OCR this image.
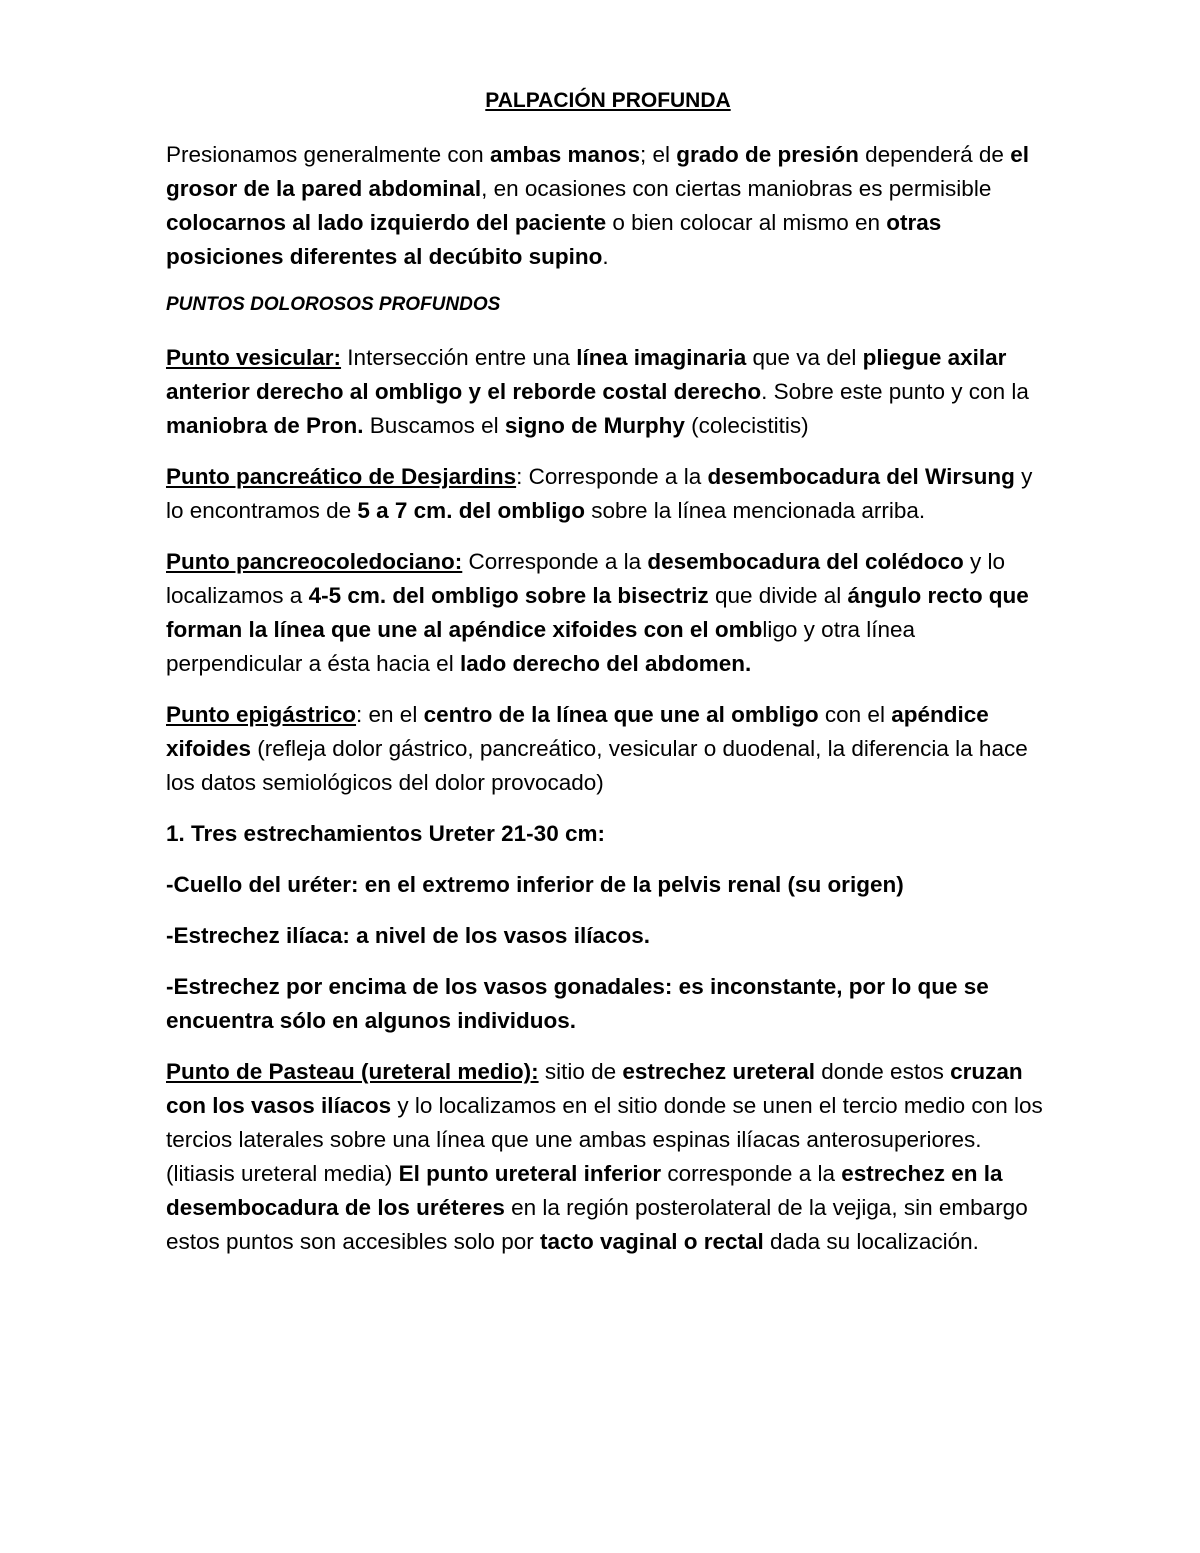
PALPACIÓN PROFUNDA

Presionamos generalmente con ambas manos; el grado de presión dependerá de el grosor de la pared abdominal, en ocasiones con ciertas maniobras es permisible colocarnos al lado izquierdo del paciente o bien colocar al mismo en otras posiciones diferentes al decúbito supino.

PUNTOS DOLOROSOS PROFUNDOS

Punto vesicular: Intersección entre una línea imaginaria que va del pliegue axilar anterior derecho al ombligo y el reborde costal derecho. Sobre este punto y con la maniobra de Pron. Buscamos el signo de Murphy (colecistitis)

Punto pancreático de Desjardins: Corresponde a la desembocadura del Wirsung y lo encontramos de 5 a 7 cm. del ombligo sobre la línea mencionada arriba.

Punto pancreocoledociano: Corresponde a la desembocadura del colédoco y lo localizamos a 4-5 cm. del ombligo sobre la bisectriz que divide al ángulo recto que forman la línea que une al apéndice xifoides con el ombligo y otra línea perpendicular a ésta hacia el lado derecho del abdomen.

Punto epigástrico: en el centro de la línea que une al ombligo con el apéndice xifoides (refleja dolor gástrico, pancreático, vesicular o duodenal, la diferencia la hace los datos semiológicos del dolor provocado)

1. Tres estrechamientos Ureter 21-30 cm:

-Cuello del uréter: en el extremo inferior de la pelvis renal (su origen)

-Estrechez ilíaca: a nivel de los vasos ilíacos.

-Estrechez por encima de los vasos gonadales: es inconstante, por lo que se encuentra sólo en algunos individuos.

Punto de Pasteau (ureteral medio): sitio de estrechez ureteral donde estos cruzan con los vasos ilíacos y lo localizamos en el sitio donde se unen el tercio medio con los tercios laterales sobre una línea que une ambas espinas ilíacas anterosuperiores. (litiasis ureteral media) El punto ureteral inferior corresponde a la estrechez en la desembocadura de los uréteres en la región posterolateral de la vejiga, sin embargo estos puntos son accesibles solo por tacto vaginal o rectal dada su localización.
